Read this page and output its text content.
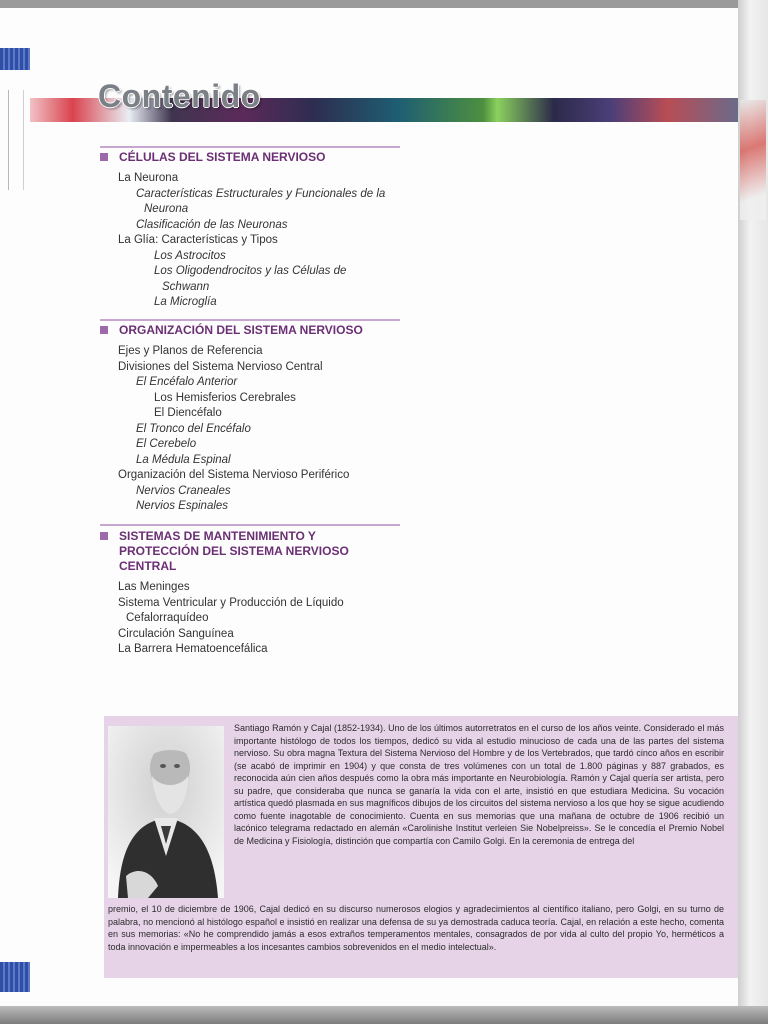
Contenido
CÉLULAS DEL SISTEMA NERVIOSO
La Neurona
Características Estructurales y Funcionales de la
Neurona
Clasificación de las Neuronas
La Glía: Características y Tipos
Los Astrocitos
Los Oligodendrocitos y las Células de
Schwann
La Microglía
ORGANIZACIÓN DEL SISTEMA NERVIOSO
Ejes y Planos de Referencia
Divisiones del Sistema Nervioso Central
El Encéfalo Anterior
Los Hemisferios Cerebrales
El Diencéfalo
El Tronco del Encéfalo
El Cerebelo
La Médula Espinal
Organización del Sistema Nervioso Periférico
Nervios Craneales
Nervios Espinales
SISTEMAS DE MANTENIMIENTO Y PROTECCIÓN DEL SISTEMA NERVIOSO CENTRAL
Las Meninges
Sistema Ventricular y Producción de Líquido
Cefalorraquídeo
Circulación Sanguínea
La Barrera Hematoencefálica
Santiago Ramón y Cajal (1852-1934). Uno de los últimos autorretratos en el curso de los años veinte. Considerado el más importante histólogo de todos los tiempos, dedicó su vida al estudio minucioso de cada una de las partes del sistema nervioso. Su obra magna Textura del Sistema Nervioso del Hombre y de los Vertebrados, que tardó cinco años en escribir (se acabó de imprimir en 1904) y que consta de tres volúmenes con un total de 1.800 páginas y 887 grabados, es reconocida aún cien años después como la obra más importante en Neurobiología. Ramón y Cajal quería ser artista, pero su padre, que consideraba que nunca se ganaría la vida con el arte, insistió en que estudiara Medicina. Su vocación artística quedó plasmada en sus magníficos dibujos de los circuitos del sistema nervioso a los que hoy se sigue acudiendo como fuente inagotable de conocimiento. Cuenta en sus memorias que una mañana de octubre de 1906 recibió un lacónico telegrama redactado en alemán «Carolinishe Institut verleien Sie Nobelpreiss». Se le concedía el Premio Nobel de Medicina y Fisiología, distinción que compartía con Camilo Golgi. En la ceremonia de entrega del
premio, el 10 de diciembre de 1906, Cajal dedicó en su discurso numerosos elogios y agradecimientos al científico italiano, pero Golgi, en su turno de palabra, no mencionó al histólogo español e insistió en realizar una defensa de su ya demostrada caduca teoría. Cajal, en relación a este hecho, comenta en sus memorias: «No he comprendido jamás a esos extraños temperamentos mentales, consagrados de por vida al culto del propio Yo, herméticos a toda innovación e impermeables a los incesantes cambios sobrevenidos en el medio intelectual».
